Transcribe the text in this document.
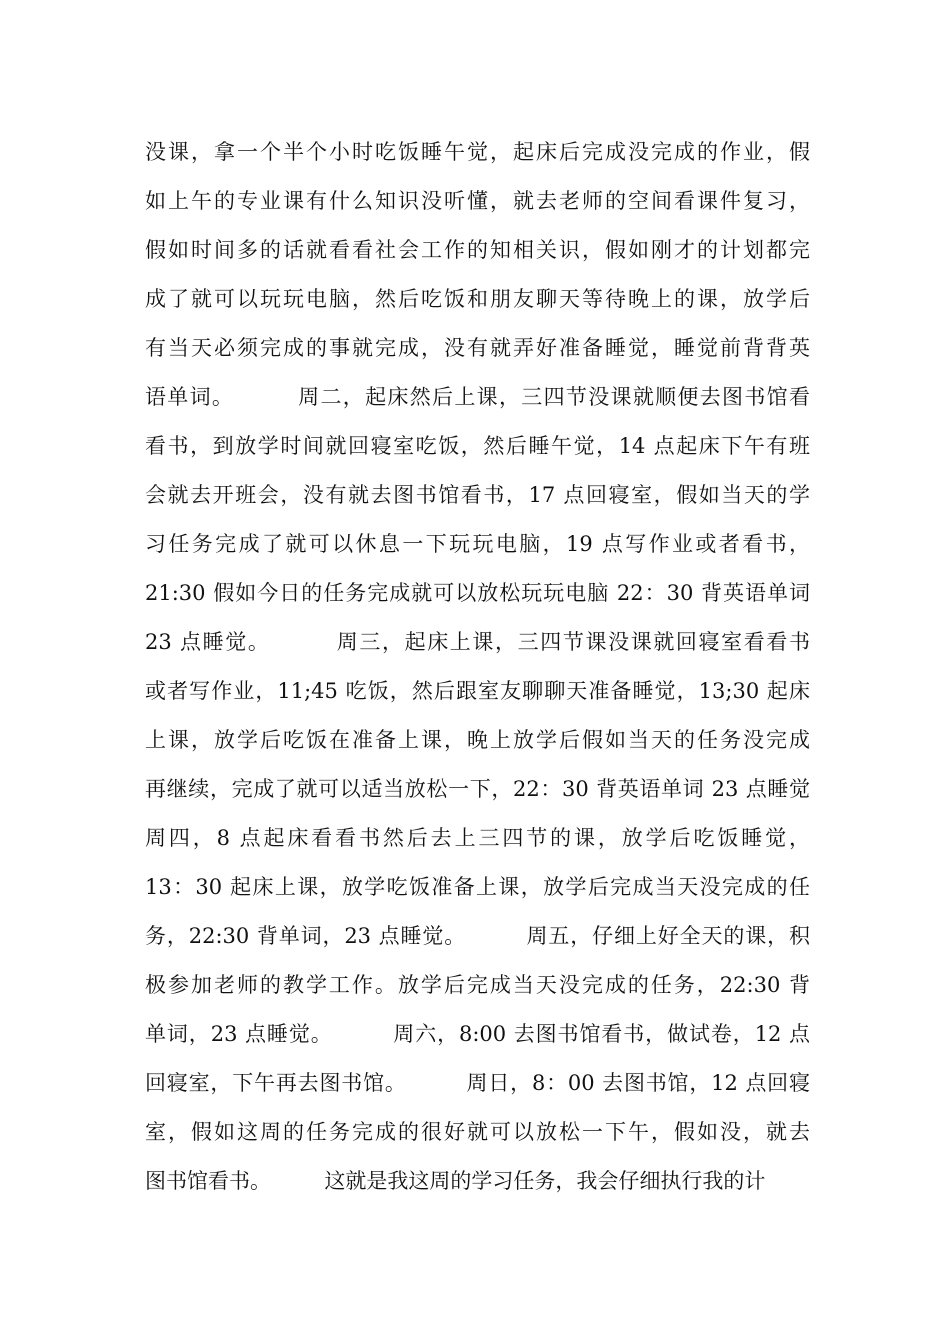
没课，拿一个半个小时吃饭睡午觉，起床后完成没完成的作业，假
如上午的专业课有什么知识没听懂，就去老师的空间看课件复习，
假如时间多的话就看看社会工作的知相关识，假如刚才的计划都完
成了就可以玩玩电脑，然后吃饭和朋友聊天等待晚上的课，放学后
有当天必须完成的事就完成，没有就弄好准备睡觉，睡觉前背背英
语单词。        周二，起床然后上课，三四节没课就顺便去图书馆看
看书，到放学时间就回寝室吃饭，然后睡午觉，14 点起床下午有班
会就去开班会，没有就去图书馆看书，17 点回寝室，假如当天的学
习任务完成了就可以休息一下玩玩电脑，19 点写作业或者看书，
21:30 假如今日的任务完成就可以放松玩玩电脑 22：30 背英语单词
23 点睡觉。        周三，起床上课，三四节课没课就回寝室看看书
或者写作业，11;45 吃饭，然后跟室友聊聊天准备睡觉，13;30 起床
上课，放学后吃饭在准备上课，晚上放学后假如当天的任务没完成
再继续，完成了就可以适当放松一下，22：30 背英语单词 23 点睡觉
周四，8 点起床看看书然后去上三四节的课，放学后吃饭睡觉，
13：30 起床上课，放学吃饭准备上课，放学后完成当天没完成的任
务，22:30 背单词，23 点睡觉。        周五，仔细上好全天的课，积
极参加老师的教学工作。放学后完成当天没完成的任务，22:30 背
单词，23 点睡觉。        周六，8:00 去图书馆看书，做试卷，12 点
回寝室，下午再去图书馆。        周日，8：00 去图书馆，12 点回寝
室，假如这周的任务完成的很好就可以放松一下午，假如没，就去
图书馆看书。        这就是我这周的学习任务，我会仔细执行我的计
